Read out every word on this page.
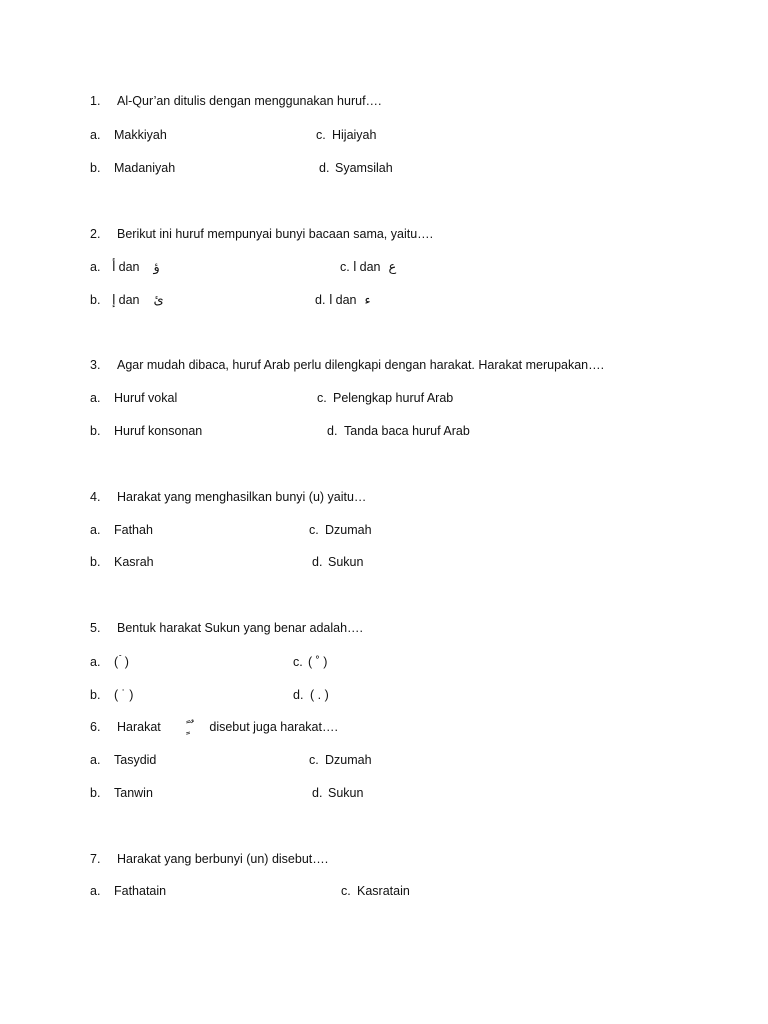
1. Al-Qur’an ditulis dengan menggunakan huruf….
a. Makkiyah	c. Hijaiyah
b. Madaniyah	d. Syamsilah
2. Berikut ini huruf mempunyai bunyi bacaan sama, yaitu….
a. أ dan ؤ	c. ا dan ع
b. إ dan ئ	d. ا dan ء
3. Agar mudah dibaca, huruf Arab perlu dilengkapi dengan harakat. Harakat merupakan….
a. Huruf vokal	c. Pelengkap huruf Arab
b. Huruf konsonan	d. Tanda baca huruf Arab
4. Harakat yang menghasilkan bunyi (u) yaitu…
a. Fathah	c. Dzumah
b. Kasrah	d. Sukun
5. Bentuk harakat Sukun yang benar adalah….
a. ( ۡ )	c. ( ˚ )
b. ( ˙ )	d. ( . )
6. Harakat ً ٍ ٌ disebut juga harakat….
a. Tasydid	c. Dzumah
b. Tanwin	d. Sukun
7. Harakat yang berbunyi (un) disebut….
a. Fathatain	c. Kasratain
